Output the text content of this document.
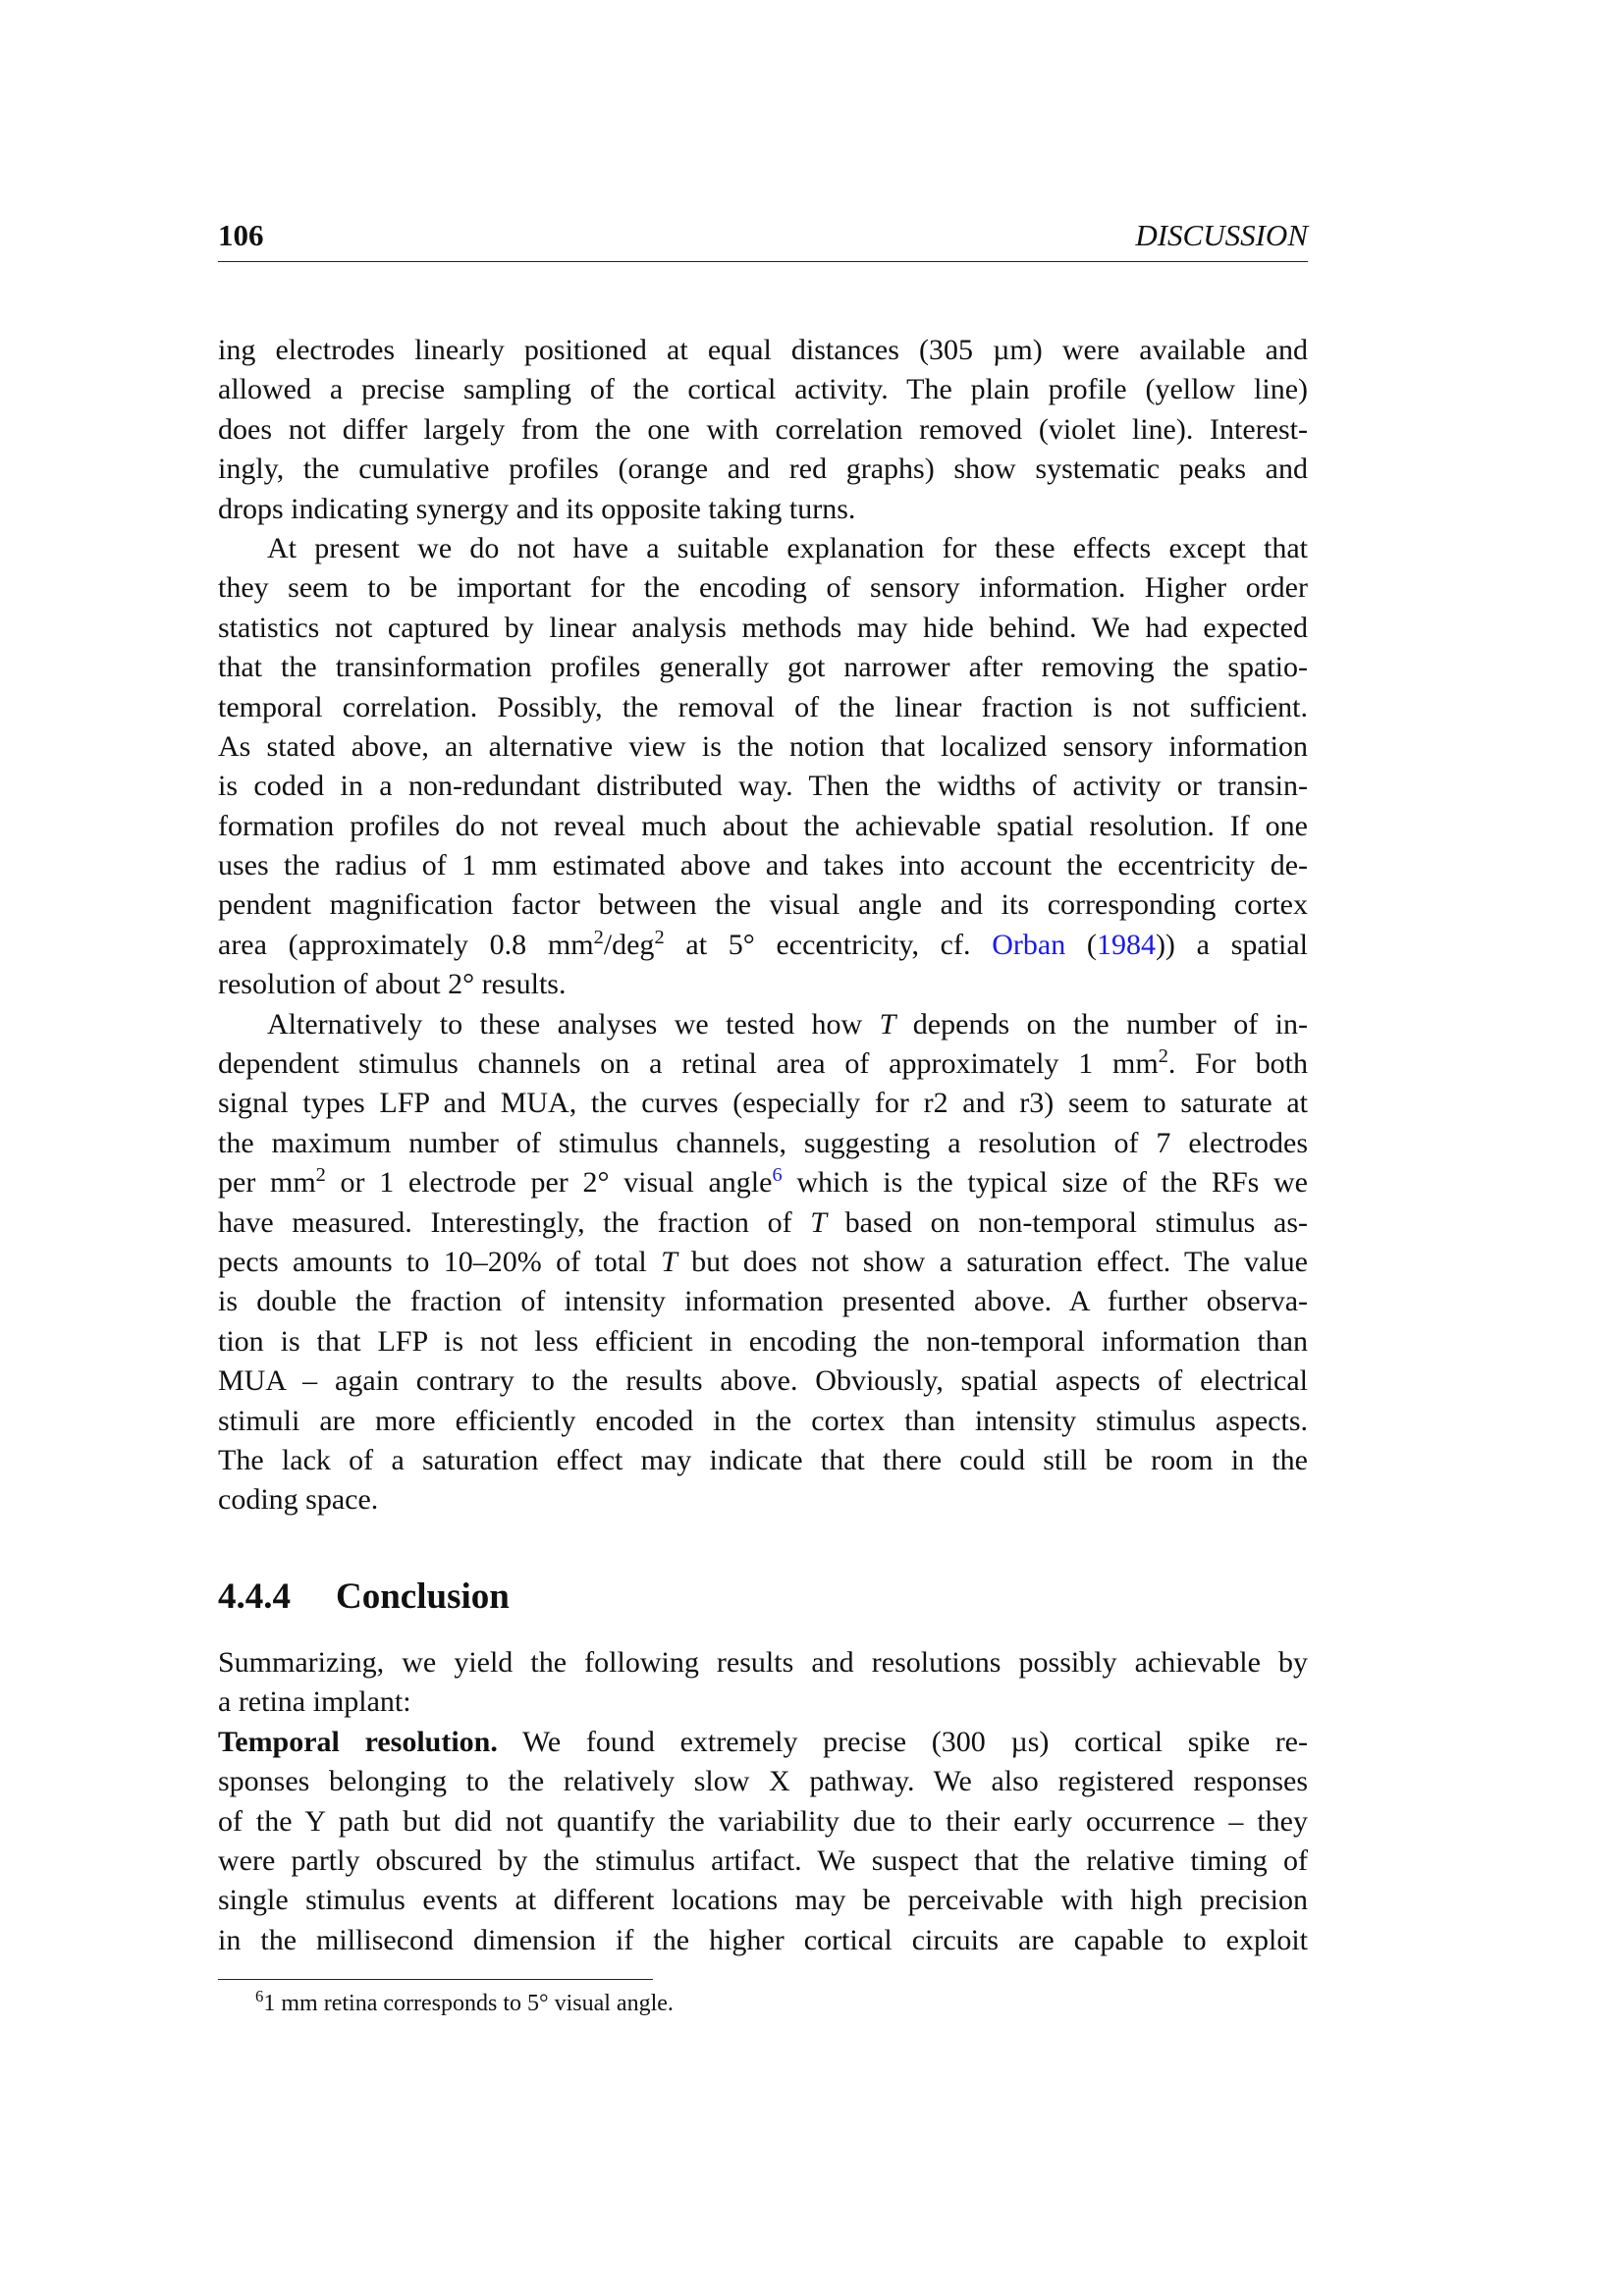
106	DISCUSSION
ing electrodes linearly positioned at equal distances (305 µm) were available and
allowed a precise sampling of the cortical activity. The plain profile (yellow line)
does not differ largely from the one with correlation removed (violet line). Interest-
ingly, the cumulative profiles (orange and red graphs) show systematic peaks and
drops indicating synergy and its opposite taking turns.
At present we do not have a suitable explanation for these effects except that
they seem to be important for the encoding of sensory information. Higher order
statistics not captured by linear analysis methods may hide behind. We had expected
that the transinformation profiles generally got narrower after removing the spatio-
temporal correlation. Possibly, the removal of the linear fraction is not sufficient.
As stated above, an alternative view is the notion that localized sensory information
is coded in a non-redundant distributed way. Then the widths of activity or transin-
formation profiles do not reveal much about the achievable spatial resolution. If one
uses the radius of 1 mm estimated above and takes into account the eccentricity de-
pendent magnification factor between the visual angle and its corresponding cortex
area (approximately 0.8 $mm^2/deg^2$ at 5° eccentricity, cf. Orban (1984)) a spatial
resolution of about 2° results.
Alternatively to these analyses we tested how T depends on the number of in-
dependent stimulus channels on a retinal area of approximately 1 $mm^2$. For both
signal types LFP and MUA, the curves (especially for r2 and r3) seem to saturate at
the maximum number of stimulus channels, suggesting a resolution of 7 electrodes
per $mm^2$ or 1 electrode per 2° visual angle$^6$ which is the typical size of the RFs we
have measured. Interestingly, the fraction of T based on non-temporal stimulus as-
pects amounts to 10–20% of total T but does not show a saturation effect. The value
is double the fraction of intensity information presented above. A further observa-
tion is that LFP is not less efficient in encoding the non-temporal information than
MUA – again contrary to the results above. Obviously, spatial aspects of electrical
stimuli are more efficiently encoded in the cortex than intensity stimulus aspects.
The lack of a saturation effect may indicate that there could still be room in the
coding space.
4.4.4 Conclusion
Summarizing, we yield the following results and resolutions possibly achievable by
a retina implant:
Temporal resolution. We found extremely precise (300 µs) cortical spike re-
sponses belonging to the relatively slow X pathway. We also registered responses
of the Y path but did not quantify the variability due to their early occurrence – they
were partly obscured by the stimulus artifact. We suspect that the relative timing of
single stimulus events at different locations may be perceivable with high precision
in the millisecond dimension if the higher cortical circuits are capable to exploit
$^6$1 mm retina corresponds to 5° visual angle.
